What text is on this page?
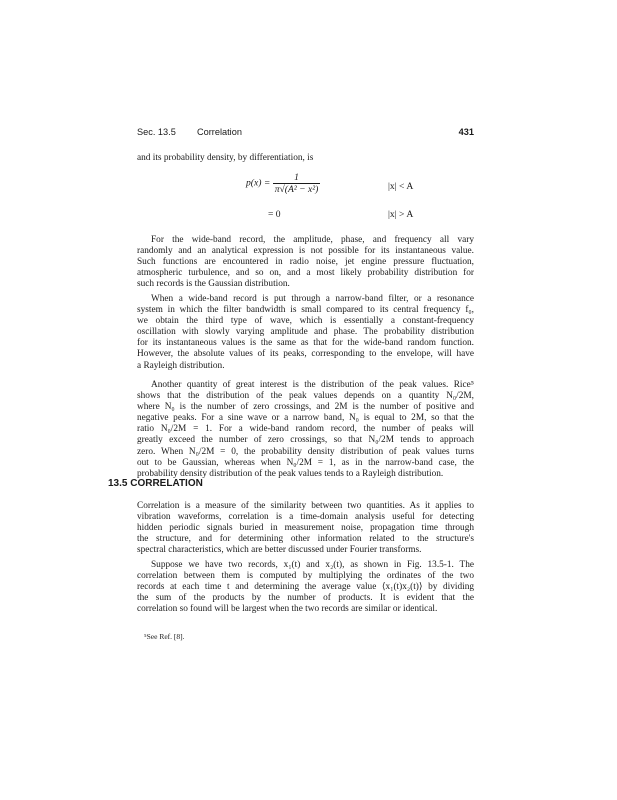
Sec. 13.5 Correlation	431
and its probability density, by differentiation, is
$p(x) = \frac{1}{\text{π√(A² − x²)}}$	|x| < A
= 0	|x| > A
For the wide-band record, the amplitude, phase, and frequency all vary
randomly and an analytical expression is not possible for its instantaneous value.
Such functions are encountered in radio noise, jet engine pressure fluctuation,
atmospheric turbulence, and so on, and a most likely probability distribution for
such records is the Gaussian distribution.
When a wide-band record is put through a narrow-band filter, or a resonance
system in which the filter bandwidth is small compared to its central frequency f₀,
we obtain the third type of wave, which is essentially a constant-frequency
oscillation with slowly varying amplitude and phase. The probability distribution
for its instantaneous values is the same as that for the wide-band random function.
However, the absolute values of its peaks, corresponding to the envelope, will have
a Rayleigh distribution.
Another quantity of great interest is the distribution of the peak values. Rice⁵
shows that the distribution of the peak values depends on a quantity N₀/2M,
where N₀ is the number of zero crossings, and 2M is the number of positive and
negative peaks. For a sine wave or a narrow band, N₀ is equal to 2M, so that the
ratio N₀/2M = 1. For a wide-band random record, the number of peaks will
greatly exceed the number of zero crossings, so that N₀/2M tends to approach
zero. When N₀/2M = 0, the probability density distribution of peak values turns
out to be Gaussian, whereas when N₀/2M = 1, as in the narrow-band case, the
probability density distribution of the peak values tends to a Rayleigh distribution.
13.5 CORRELATION
Correlation is a measure of the similarity between two quantities. As it applies to
vibration waveforms, correlation is a time-domain analysis useful for detecting
hidden periodic signals buried in measurement noise, propagation time through
the structure, and for determining other information related to the structure's
spectral characteristics, which are better discussed under Fourier transforms.
Suppose we have two records, x₁(t) and x₂(t), as shown in Fig. 13.5-1. The
correlation between them is computed by multiplying the ordinates of the two
records at each time t and determining the average value ⟨x₁(t)x₂(t)⟩ by dividing
the sum of the products by the number of products. It is evident that the
correlation so found will be largest when the two records are similar or identical.
⁵See Ref. [8].
